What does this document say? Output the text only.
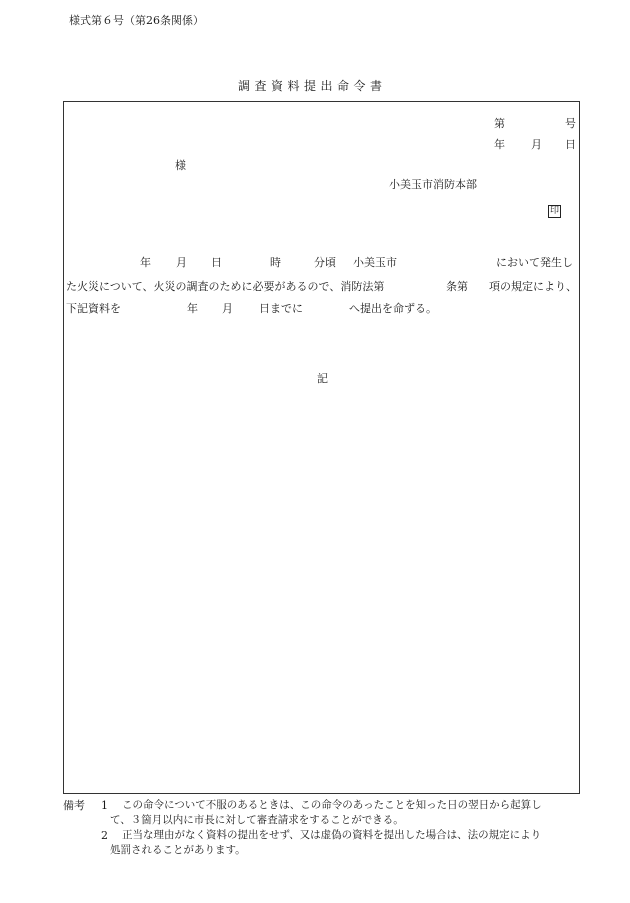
様式第６号（第26条関係）
調査資料提出命令書
第	号
年 月 日
様
小美玉市消防本部
印
年 月 日	時	分頃 小美玉市	において発生し
た火災について、火災の調査のために必要があるので、消防法第	条第 項の規定により、
下記資料を	年 月 日までに	へ提出を命ずる。
記
備考 1 この命令について不服のあるときは、この命令のあったことを知った日の翌日から起算し
て、３箇月以内に市長に対して審査請求をすることができる。
2 正当な理由がなく資料の提出をせず、又は虚偽の資料を提出した場合は、法の規定により
処罰されることがあります。
